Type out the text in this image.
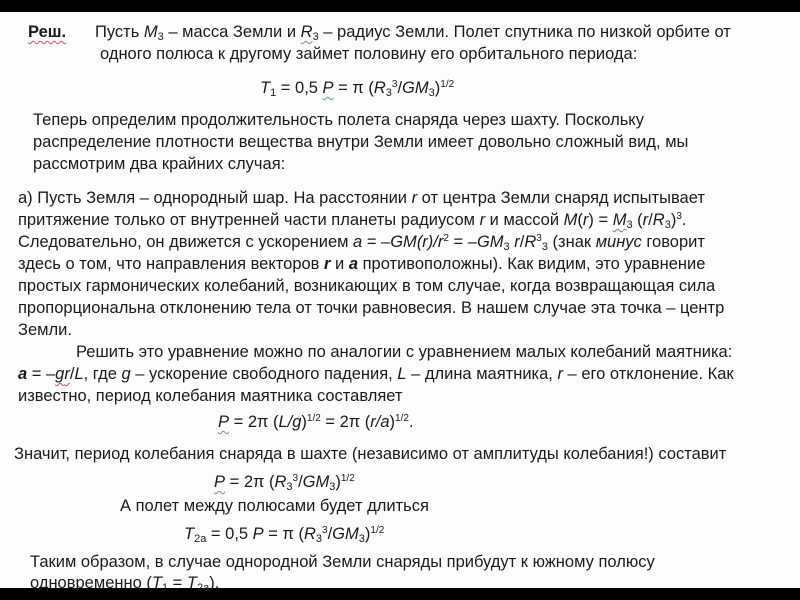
Реш. Пусть $M_3$ – масса Земли и $R_3$ – радиус Земли. Полет спутника по низкой орбите от
одного полюса к другому займет половину его орбитального периода:
$T_1 = 0,5$ P = π $(R_3^3/GM_3)^{1/2}$
Теперь определим продолжительность полета снаряда через шахту. Поскольку
распределение плотности вещества внутри Земли имеет довольно сложный вид, мы
рассмотрим два крайних случая:
а) Пусть Земля – однородный шар. На расстоянии r от центра Земли снаряд испытывает
притяжение только от внутренней части планеты радиусом r и массой $M(r) = M_3$ $(r/R_3)^3$.
Следовательно, он движется с ускорением $a = -GM(r)/r^2 = -GM_3$ $r/R^3_3$ (знак минус говорит
здесь о том, что направления векторов r и a противоположны). Как видим, это уравнение
простых гармонических колебаний, возникающих в том случае, когда возвращающая сила
пропорциональна отклонению тела от точки равновесия. В нашем случае эта точка – центр
Земли.
Решить это уравнение можно по аналогии с уравнением малых колебаний маятника:
a = –gr/L, где g – ускорение свободного падения, L – длина маятника, r – его отклонение. Как
известно, период колебания маятника составляет
P = 2π $(L/g)^{1/2} = 2\pi$ $(r/a)^{1/2}$.
Значит, период колебания снаряда в шахте (независимо от амплитуды колебания!) составит
P = 2π $(R_3^3/GM_3)^{1/2}$
А полет между полюсами будет длиться
$T_{2a} = 0,5$ P = π $(R_3^3/GM_3)^{1/2}$
Таким образом, в случае однородной Земли снаряды прибудут к южному полюсу
одновременно $(T_1 = T_{2a})$.
